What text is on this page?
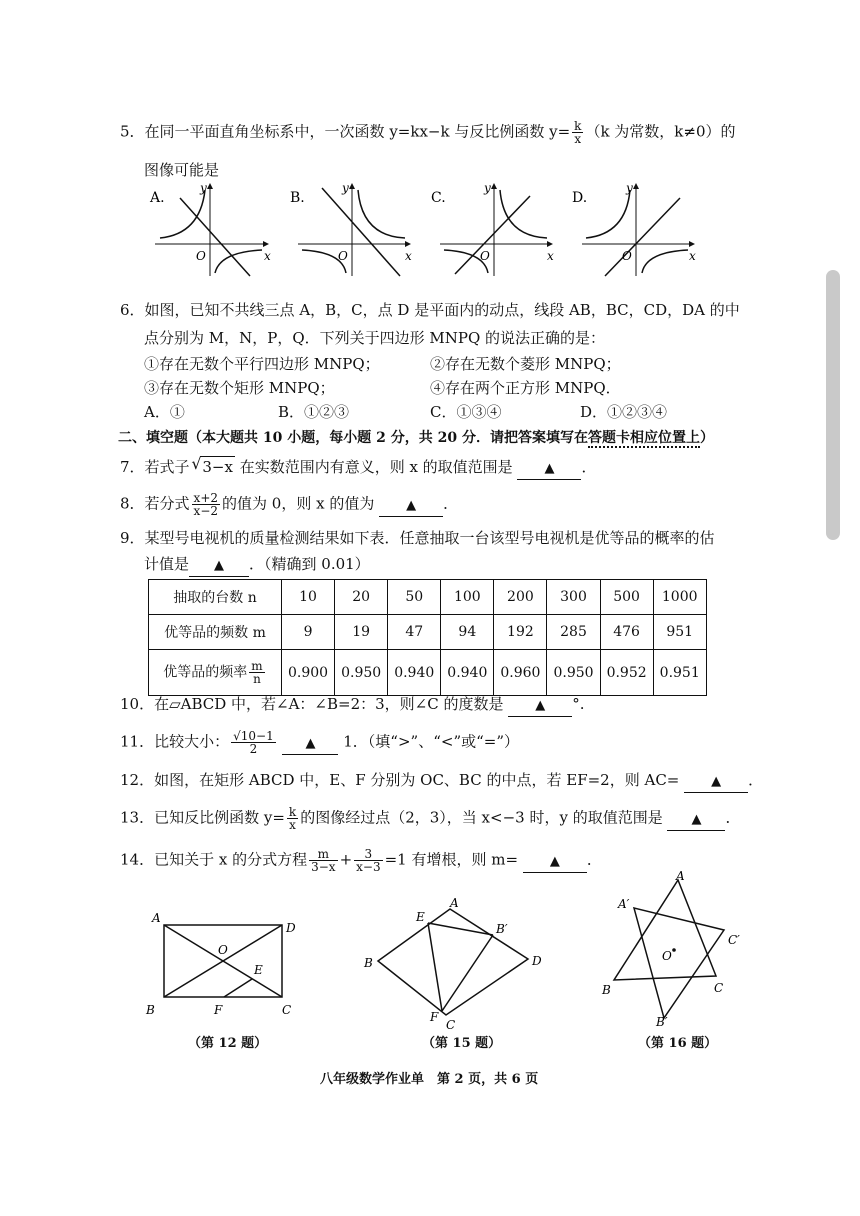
5．在同一平面直角坐标系中，一次函数 y=kx−k 与反比例函数 $y= \frac{k}{x} (k$ 为常数，k≠0）的
图像可能是
A.
O	x
y
B.
O	x
y
C.
O	x
y
D.
O	x
y
6．如图，已知不共线三点 A，B，C，点 D 是平面内的动点，线段 AB，BC，CD，DA 的中
点分别为 M，N，P，Q．下列关于四边形 MNPQ 的说法正确的是：
①存在无数个平行四边形 MNPQ；	②存在无数个菱形 MNPQ；
③存在无数个矩形 MNPQ；	④存在两个正方形 MNPQ．
A．①	B．①②③	C．①③④	D．①②③④
二、填空题（本大题共 10 小题，每小题 2 分，共 20 分．请把答案填写在答题卡相应位置上）
7．若式子 √ 3−x 在实数范围内有意义，则 x 的取值范围是 ▲ ．
8．若分式 $\frac{x+2}{x-2}$ 的值为 0，则 x 的值为 ▲ ．
9．某型号电视机的质量检测结果如下表．任意抽取一台该型号电视机是优等品的概率的估
计值是 ▲ ．（精确到 0.01）
抽取的台数 n	10	20	50	100	200	300	500	1000
优等品的频数 m	9	19	47	94	192	285	476	951
优等品的频率 $\frac{m}{n}$	0.900	0.950	0.940	0.940	0.960	0.950	0.952	0.951
10．在▱ABCD 中，若∠A：∠B=2：3，则∠C 的度数是 ▲ °.
11．比较大小： $\frac{√10-1}{2}$ ▲ 1．（填“>”、“<”或“=”）
12．如图，在矩形 ABCD 中，E、F 分别为 OC、BC 的中点，若 EF=2，则 AC= ▲ ．
13．已知反比例函数 $y= \frac{k}{x}$ 的图像经过点（2，3），当 x<−3 时，y 的取值范围是 ▲ ．
14．已知关于 x 的分式方程 $\frac{m}{3-x} + \frac{3}{x-3} =1$ 有增根，则 m= ▲ ．
A
D
B	C
O
E
F
（第 12 题）
A
B	D
E
B′
F
C
（第 15 题）
A
B	C
A′
C′
B′
O
（第 16 题）
八年级数学作业单　第 2 页，共 6 页
